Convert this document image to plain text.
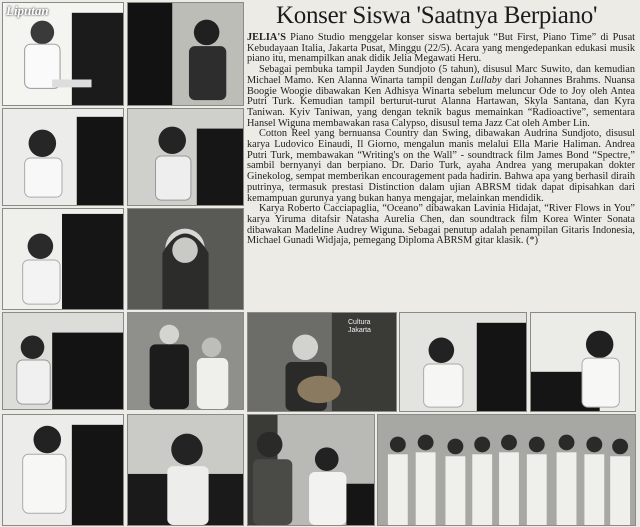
Liputan	Konser Siswa 'Saatnya Berpiano'

JELIA'S Piano Studio menggelar konser siswa bertajuk “But First, Piano Time” di Pusat Kebudayaan Italia, Jakarta Pusat, Minggu (22/5). Acara yang mengedepankan edukasi musik piano itu, menampilkan anak didik Jelia Megawati Heru.

Sebagai pembuka tampil Jayden Sundjoto (5 tahun), disusul Marc Suwito, dan kemudian Michael Mamo. Ken Alanna Winarta tampil dengan Lullaby dari Johannes Brahms. Nuansa Boogie Woogie dibawakan Ken Adhisya Winarta sebelum meluncur Ode to Joy oleh Antea Putri Turk. Kemudian tampil berturut-turut Alanna Hartawan, Skyla Santana, dan Kyra Taniwan. Kyiv Taniwan, yang dengan teknik bagus memainkan “Radioactive”, sementara Hansel Wiguna membawakan rasa Calypso, disusul tema Jazz Cat oleh Amber Lin.

Cotton Reel yang bernuansa Country dan Swing, dibawakan Audrina Sundjoto, disusul karya Ludovico Einaudi, Il Giorno, mengalun manis melalui Ella Marie Haliman. Andrea Putri Turk, membawakan “Writing's on the Wall” - soundtrack film James Bond “Spectre,” sambil bernyanyi dan berpiano. Dr. Dario Turk, ayaha Andrea yang merupakan dokter Ginekolog, sempat memberikan encouragement pada hadirin. Bahwa apa yang berhasil diraih putrinya, termasuk prestasi Distinction dalam ujian ABRSM tidak dapat dipisahkan dari kemampuan gurunya yang bukan hanya mengajar, melainkan mendidik.

Karya Roberto Cacciapaglia, “Oceano” dibawakan Lavinia Hidajat, “River Flows in You” karya Yiruma ditafsir Natasha Aurelia Chen, dan soundtrack film Korea Winter Sonata dibawakan Madeline Audrey Wiguna. Sebagai penutup adalah penampilan Gitaris Indonesia, Michael Gunadi Widjaja, pemegang Diploma ABRSM gitar klasik. (*)

Cultura Jakarta
